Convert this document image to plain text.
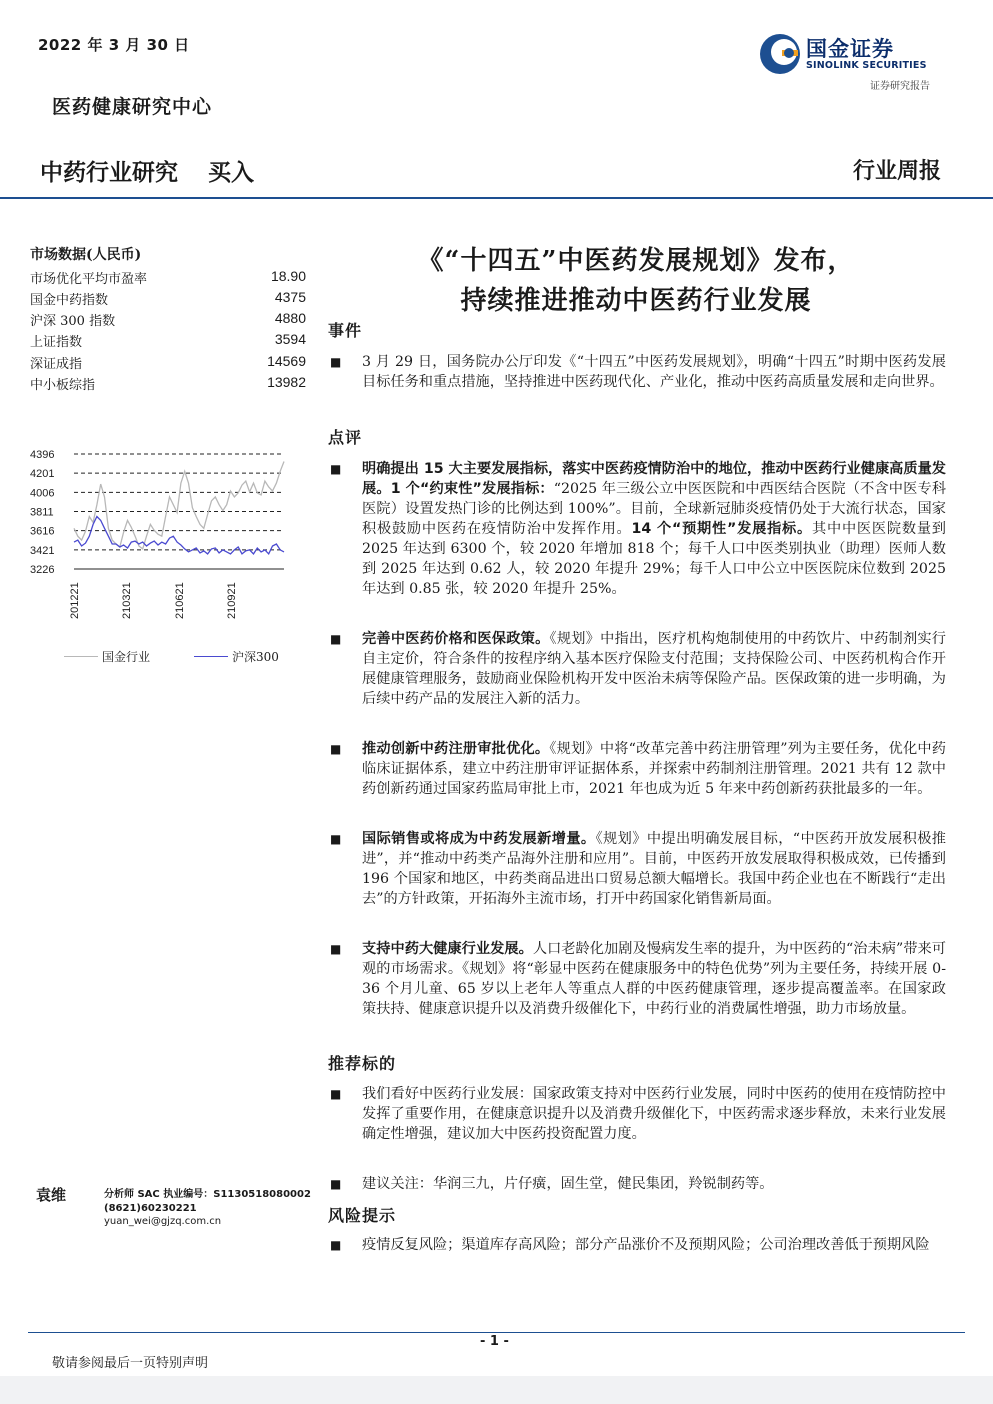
2022 年 3 月 30 日
医药健康研究中心
国金证券
SINOLINK SECURITIES
证券研究报告
中药行业研究 买入	行业周报
市场数据(人民币)
市场优化平均市盈率	18.90
国金中药指数	4375
沪深 300 指数	4880
上证指数	3594
深证成指	14569
中小板综指	13982
4396
4201
4006
3811
3616
3421
3226
201221	210321	210621	210921
国金行业	沪深300
袁维	分析师 SAC 执业编号：S1130518080002
(8621)60230221
yuan_wei@gjzq.com.cn
《“十四五”中医药发展规划》发布，
持续推进推动中医药行业发展
事件
■ 3 月 29 日，国务院办公厅印发《“十四五”中医药发展规划》，明确“十四五”时期中医药发展目标任务和重点措施，坚持推进中医药现代化、产业化，推动中医药高质量发展和走向世界。
点评
■ 明确提出 15 大主要发展指标，落实中医药疫情防治中的地位，推动中医药行业健康高质量发展。1 个“约束性”发展指标：“2025 年三级公立中医医院和中西医结合医院（不含中医专科医院）设置发热门诊的比例达到 100%”。目前，全球新冠肺炎疫情仍处于大流行状态，国家积极鼓励中医药在疫情防治中发挥作用。14 个“预期性”发展指标。其中中医医院数量到 2025 年达到 6300 个，较 2020 年增加 818 个；每千人口中医类别执业（助理）医师人数到 2025 年达到 0.62 人，较 2020 年提升 29%；每千人口中公立中医医院床位数到 2025 年达到 0.85 张，较 2020 年提升 25%。
■ 完善中医药价格和医保政策。《规划》中指出，医疗机构炮制使用的中药饮片、中药制剂实行自主定价，符合条件的按程序纳入基本医疗保险支付范围；支持保险公司、中医药机构合作开展健康管理服务，鼓励商业保险机构开发中医治未病等保险产品。医保政策的进一步明确，为后续中药产品的发展注入新的活力。
■ 推动创新中药注册审批优化。《规划》中将“改革完善中药注册管理”列为主要任务，优化中药临床证据体系，建立中药注册审评证据体系，并探索中药制剂注册管理。2021 共有 12 款中药创新药通过国家药监局审批上市，2021 年也成为近 5 年来中药创新药获批最多的一年。
■ 国际销售或将成为中药发展新增量。《规划》中提出明确发展目标，“中医药开放发展积极推进”，并“推动中药类产品海外注册和应用”。目前，中医药开放发展取得积极成效，已传播到 196 个国家和地区，中药类商品进出口贸易总额大幅增长。我国中药企业也在不断践行“走出去”的方针政策，开拓海外主流市场，打开中药国家化销售新局面。
■ 支持中药大健康行业发展。人口老龄化加剧及慢病发生率的提升，为中医药的“治未病”带来可观的市场需求。《规划》将“彰显中医药在健康服务中的特色优势”列为主要任务，持续开展 0-36 个月儿童、65 岁以上老年人等重点人群的中医药健康管理，逐步提高覆盖率。在国家政策扶持、健康意识提升以及消费升级催化下，中药行业的消费属性增强，助力市场放量。
推荐标的
■ 我们看好中医药行业发展：国家政策支持对中医药行业发展，同时中医药的使用在疫情防控中发挥了重要作用，在健康意识提升以及消费升级催化下，中医药需求逐步释放，未来行业发展确定性增强，建议加大中医药投资配置力度。
■ 建议关注：华润三九，片仔癀，固生堂，健民集团，羚锐制药等。
风险提示
■ 疫情反复风险；渠道库存高风险；部分产品涨价不及预期风险；公司治理改善低于预期风险
- 1 -
敬请参阅最后一页特别声明
